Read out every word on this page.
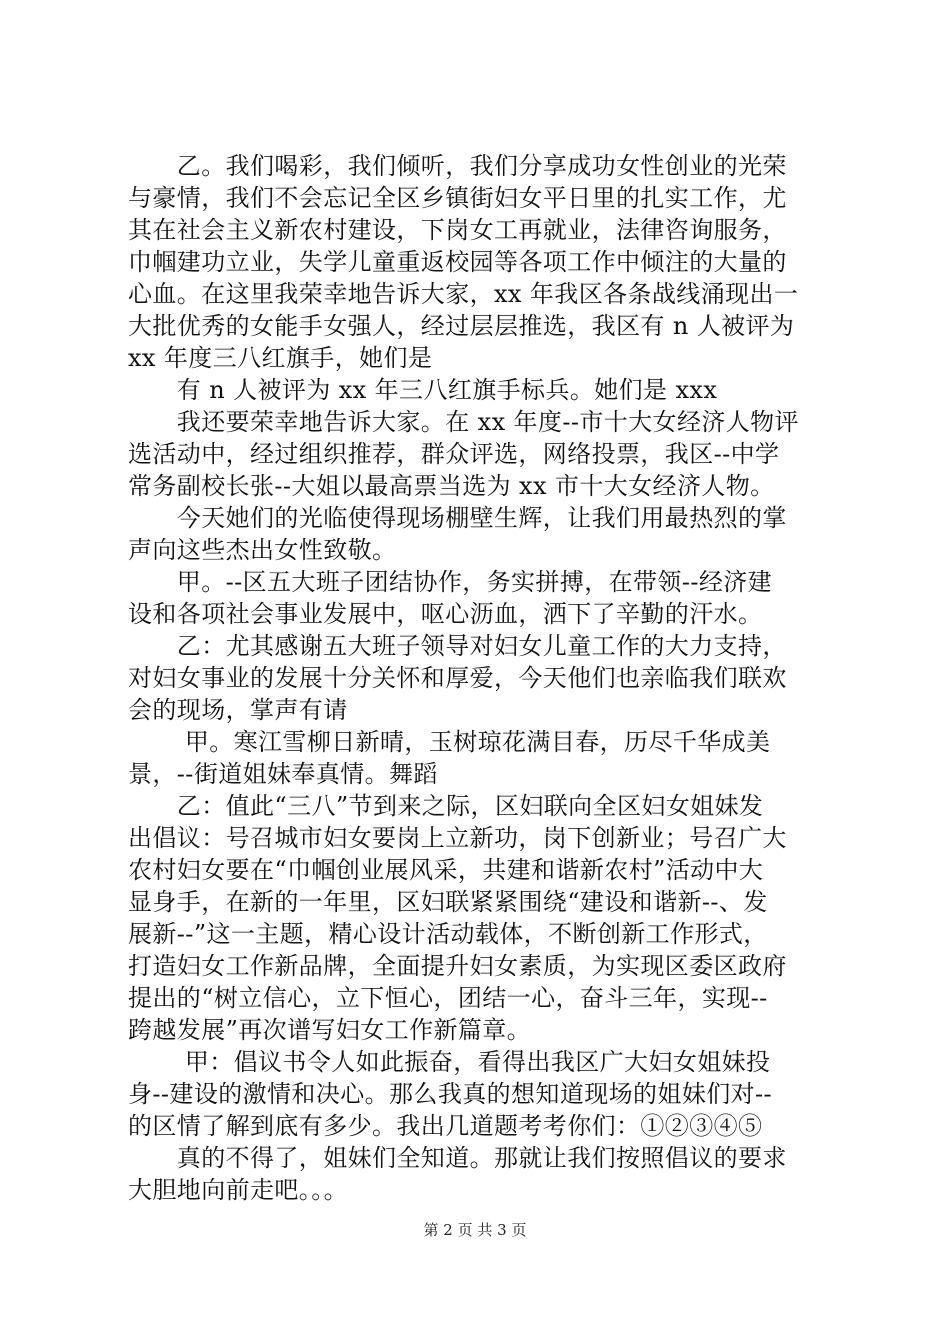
　　乙。我们喝彩，我们倾听，我们分享成功女性创业的光荣
与豪情，我们不会忘记全区乡镇街妇女平日里的扎实工作，尤
其在社会主义新农村建设，下岗女工再就业，法律咨询服务，
巾帼建功立业，失学儿童重返校园等各项工作中倾注的大量的
心血。在这里我荣幸地告诉大家，xx 年我区各条战线涌现出一
大批优秀的女能手女强人，经过层层推选，我区有 n 人被评为
xx 年度三八红旗手，她们是
　　有 n 人被评为 xx 年三八红旗手标兵。她们是 xxx
　　我还要荣幸地告诉大家。在 xx 年度--市十大女经济人物评
选活动中，经过组织推荐，群众评选，网络投票，我区--中学
常务副校长张--大姐以最高票当选为 xx 市十大女经济人物。
　　今天她们的光临使得现场棚壁生辉，让我们用最热烈的掌
声向这些杰出女性致敬。
　　甲。--区五大班子团结协作，务实拼搏，在带领--经济建
设和各项社会事业发展中，呕心沥血，洒下了辛勤的汗水。
　　乙：尤其感谢五大班子领导对妇女儿童工作的大力支持，
对妇女事业的发展十分关怀和厚爱，今天他们也亲临我们联欢
会的现场，掌声有请
　　 甲。寒江雪柳日新晴，玉树琼花满目春，历尽千华成美
景，--街道姐妹奉真情。舞蹈
　　乙：值此“三八”节到来之际，区妇联向全区妇女姐妹发
出倡议：号召城市妇女要岗上立新功，岗下创新业；号召广大
农村妇女要在“巾帼创业展风采，共建和谐新农村”活动中大
显身手，在新的一年里，区妇联紧紧围绕“建设和谐新--、发
展新--”这一主题，精心设计活动载体，不断创新工作形式，
打造妇女工作新品牌，全面提升妇女素质，为实现区委区政府
提出的“树立信心，立下恒心，团结一心，奋斗三年，实现--
跨越发展”再次谱写妇女工作新篇章。
　　 甲：倡议书令人如此振奋，看得出我区广大妇女姐妹投
身--建设的激情和决心。那么我真的想知道现场的姐妹们对--
的区情了解到底有多少。我出几道题考考你们：①②③④⑤
　　真的不得了，姐妹们全知道。那就让我们按照倡议的要求
大胆地向前走吧。。。
第 2 页 共 3 页
